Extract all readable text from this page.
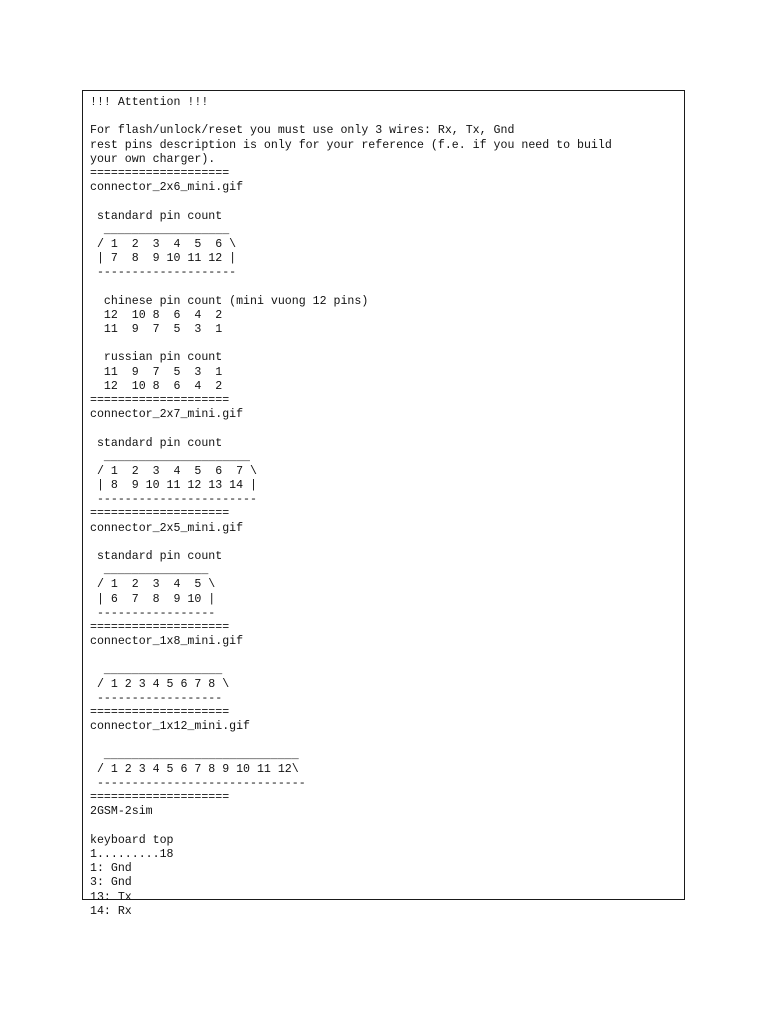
!!! Attention !!!
For flash/unlock/reset you must use only 3 wires: Rx, Tx, Gnd
rest pins description is only for your reference (f.e. if you need to build
your own charger).
====================
connector_2x6_mini.gif
standard pin count
__________________
/ 1  2  3  4  5  6 \
| 7  8  9 10 11 12 |
--------------------
chinese pin count (mini vuong 12 pins)
12  10 8  6  4  2
11  9  7  5  3  1
russian pin count
11  9  7  5  3  1
12  10 8  6  4  2
====================
connector_2x7_mini.gif
standard pin count
_____________________
/ 1  2  3  4  5  6  7 \
| 8  9 10 11 12 13 14 |
-----------------------
====================
connector_2x5_mini.gif
standard pin count
_______________
/ 1  2  3  4  5 \
| 6  7  8  9 10 |
-----------------
====================
connector_1x8_mini.gif
_________________
/ 1 2 3 4 5 6 7 8 \
------------------
====================
connector_1x12_mini.gif
____________________________
/ 1 2 3 4 5 6 7 8 9 10 11 12\
------------------------------
====================
2GSM-2sim
keyboard top
1.........18
1: Gnd
3: Gnd
13: Tx
14: Rx
